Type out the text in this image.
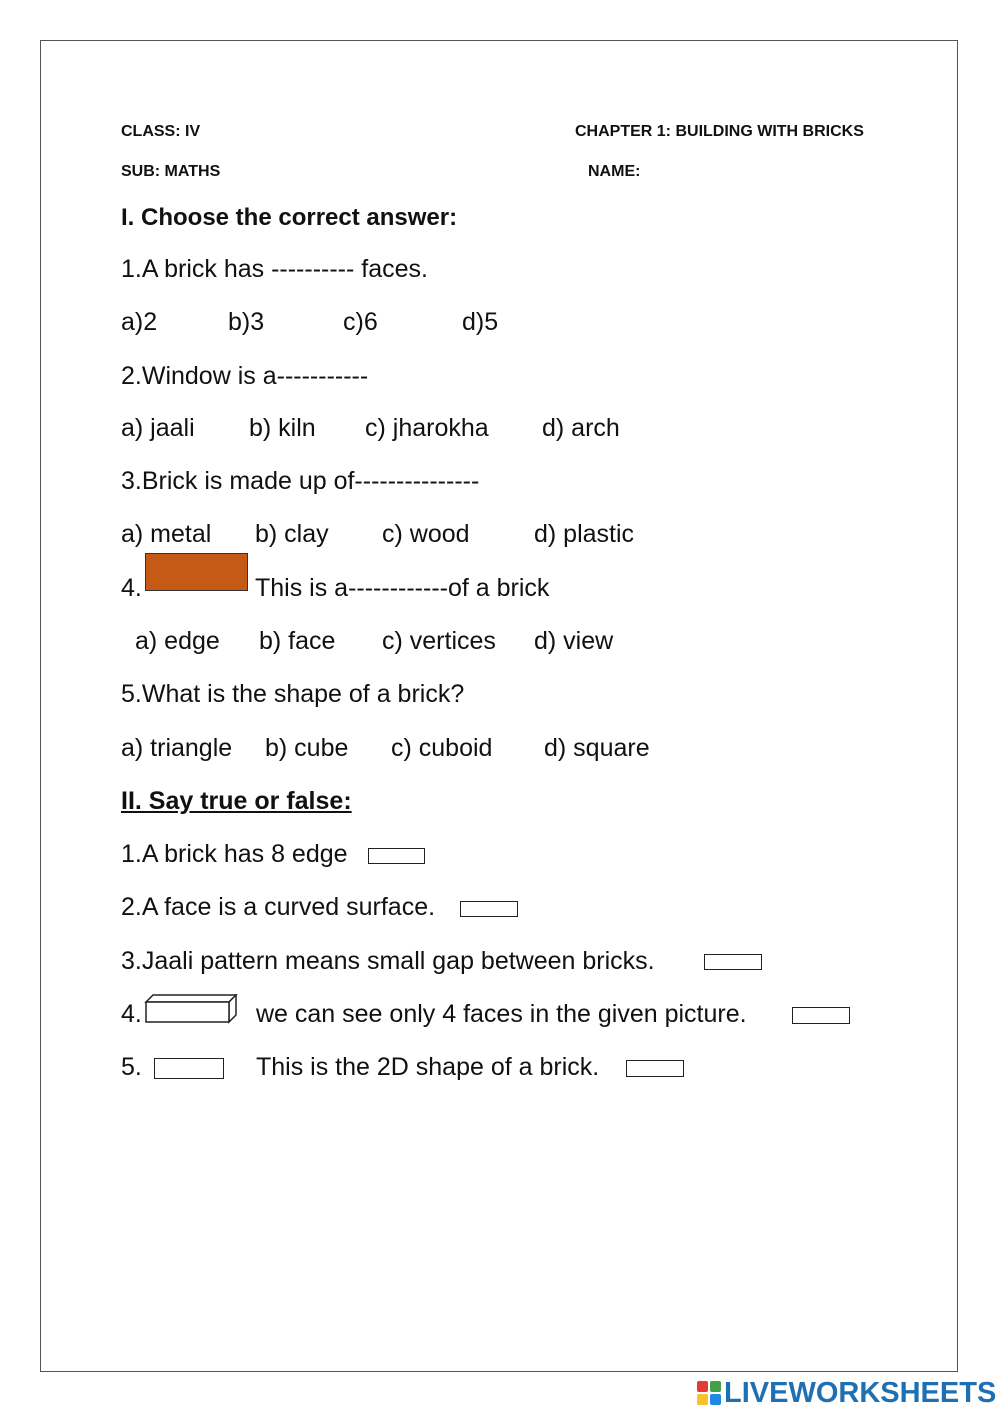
CLASS: IV	CHAPTER 1: BUILDING WITH BRICKS
SUB: MATHS	NAME:
I. Choose the correct answer:
1.A brick has ---------- faces.
a)2	b)3	c)6	d)5
2.Window is a-----------
a) jaali b) kiln c) jharokha d) arch
3.Brick is made up of---------------
a) metal b) clay c) wood	d) plastic
4.	This is a------------of a brick
a) edge b) face c) vertices d) view
5.What is the shape of a brick?
a) triangle b) cube c) cuboid d) square
II. Say true or false:
1.A brick has 8 edge
2.A face is a curved surface.
3.Jaali pattern means small gap between bricks.
4.	we can see only 4 faces in the given picture.
5.	This is the 2D shape of a brick.
LIVEWORKSHEETS
